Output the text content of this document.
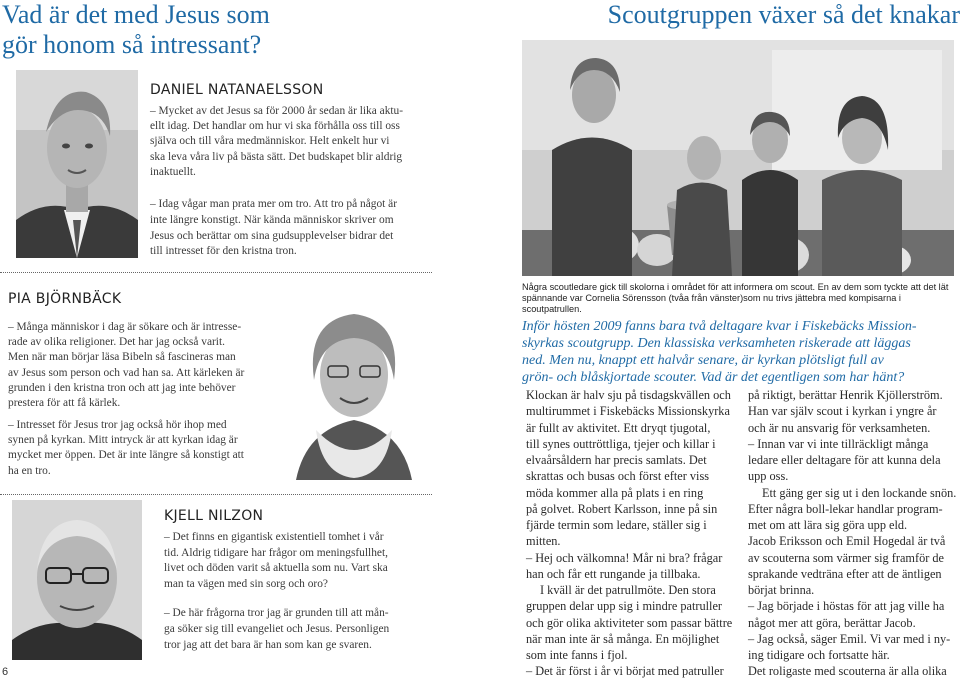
Vad är det med Jesus som
gör honom så intressant?
Scoutgruppen växer så det knakar
DANIEL NATANAELSSON

– Mycket av det Jesus sa för 2000 år sedan är lika aktu-

ellt idag. Det handlar om hur vi ska förhålla oss till oss

själva och till våra medmänniskor. Helt enkelt hur vi

ska leva våra liv på bästa sätt. Det budskapet blir aldrig

inaktuellt.

– Idag vågar man prata mer om tro. Att tro på något är

inte längre konstigt. När kända människor skriver om

Jesus och berättar om sina gudsupplevelser bidrar det

till intresset för den kristna tron.

PIA BJÖRNBÄCK

– Många människor i dag är sökare och är intresse-

rade av olika religioner. Det har jag också varit.

Men när man börjar läsa Bibeln så fascineras man

av Jesus som person och vad han sa. Att kärleken är

grunden i den kristna tron och att jag inte behöver

prestera för att få kärlek.

– Intresset för Jesus tror jag också hör ihop med

synen på kyrkan. Mitt intryck är att kyrkan idag är

mycket mer öppen. Det är inte längre så konstigt att

ha en tro.

KJELL NILZON

– Det finns en gigantisk existentiell tomhet i vår

tid. Aldrig tidigare har frågor om meningsfullhet,

livet och döden varit så aktuella som nu. Vart ska

man ta vägen med sin sorg och oro?

– De här frågorna tror jag är grunden till att mån-

ga söker sig till evangeliet och Jesus. Personligen

tror jag att det bara är han som kan ge svaren.

6
Några scoutledare gick till skolorna i området för att informera om scout. En av dem som tyckte att det lät
spännande var Cornelia Sörensson (tvåa från vänster)som nu trivs jättebra med kompisarna i scoutpatrullen.
Inför hösten 2009 fanns bara två deltagare kvar i Fiskebäcks Mission-
skyrkas scoutgrupp. Den klassiska verksamheten riskerade att läggas
ned. Men nu, knappt ett halvår senare, är kyrkan plötsligt full av
grön- och blåskjortade scouter. Vad är det egentligen som har hänt?

Klockan är halv sju på tisdagskvällen och

multirummet i Fiskebäcks Missionskyrka

är fullt av aktivitet. Ett dryqt tjugotal,

till synes outtröttliga, tjejer och killar i

elvaårsåldern har precis samlats. Det

skrattas och busas och först efter viss

möda kommer alla på plats i en ring

på golvet. Robert Karlsson, inne på sin

fjärde termin som ledare, ställer sig i

mitten.

– Hej och välkomna! Mår ni bra? frågar

han och får ett rungande ja tillbaka.

I kväll är det patrullmöte. Den stora

gruppen delar upp sig i mindre patruller

och gör olika aktiviteter som passar bättre

när man inte är så många. En möjlighet

som inte fanns i fjol.

– Det är först i år vi börjat med patruller

på riktigt, berättar Henrik Kjöllerström.

Han var själv scout i kyrkan i yngre år

och är nu ansvarig för verksamheten.

– Innan var vi inte tillräckligt många

ledare eller deltagare för att kunna dela

upp oss.

Ett gäng ger sig ut i den lockande snön.

Efter några boll-lekar handlar program-

met om att lära sig göra upp eld.

Jacob Eriksson och Emil Hogedal är två

av scouterna som värmer sig framför de

sprakande vedträna efter att de äntligen

börjat brinna.

– Jag började i höstas för att jag ville ha

något mer att göra, berättar Jacob.

– Jag också, säger Emil. Vi var med i ny-

ing tidigare och fortsatte här.

Det roligaste med scouterna är alla olika
